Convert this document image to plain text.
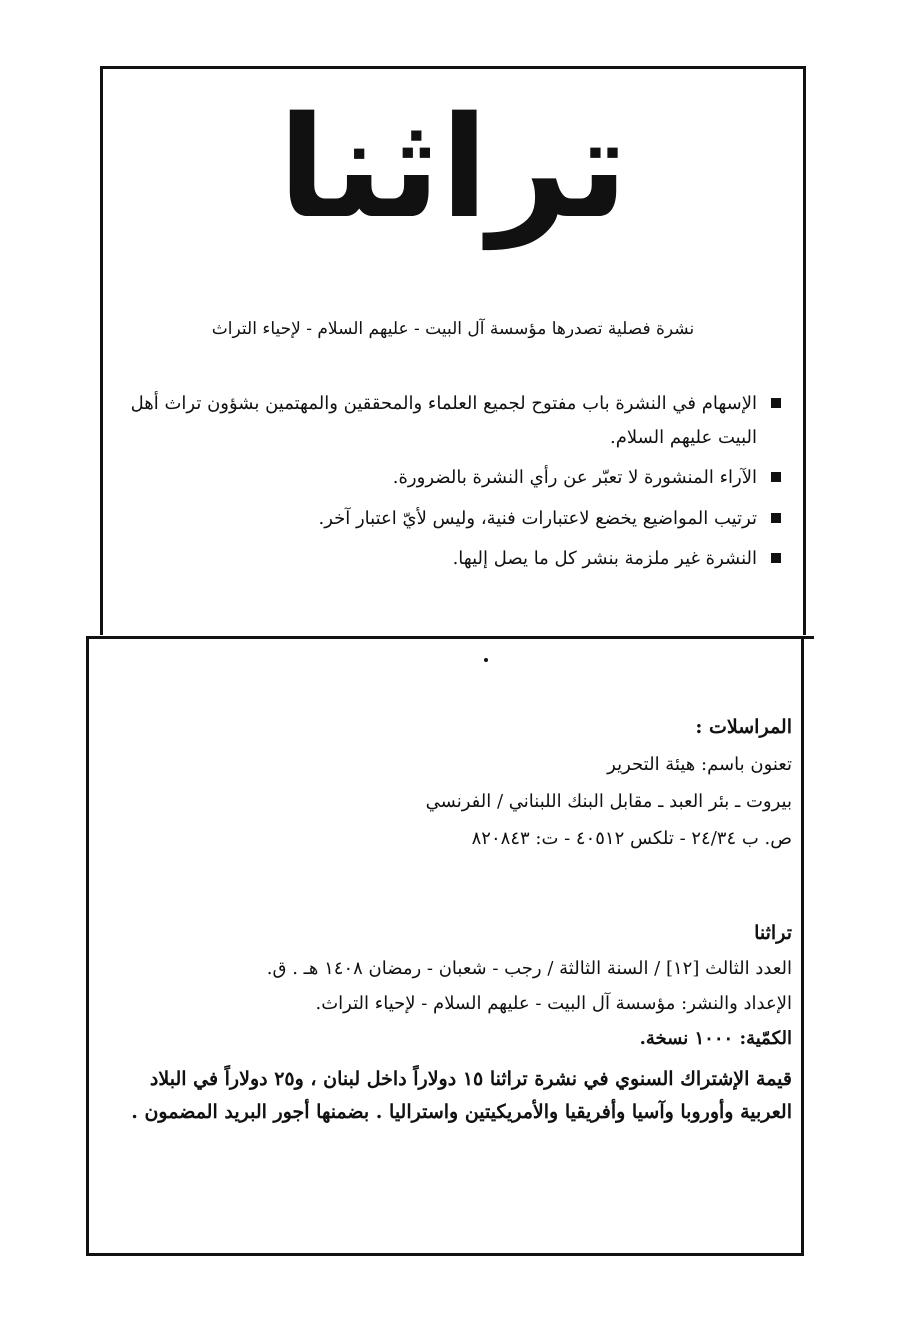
تراثنا
نشرة فصلية تصدرها مؤسسة آل البيت - عليهم السلام - لإحياء التراث
الإسهام في النشرة باب مفتوح لجميع العلماء والمحققين والمهتمين بشؤون تراث أهل البيت عليهم السلام.
الآراء المنشورة لا تعبّر عن رأي النشرة بالضرورة.
ترتيب المواضيع يخضع لاعتبارات فنية، وليس لأيّ اعتبار آخر.
النشرة غير ملزمة بنشر كل ما يصل إليها.

المراسلات :

تعنون باسم: هيئة التحرير

بيروت ـ بئر العبد ـ مقابل البنك اللبناني / الفرنسي

ص. ب ٢٤/٣٤ - تلكس ٤٠٥١٢ - ت: ٨٢٠٨٤٣

تراثنا

العدد الثالث [١٢] / السنة الثالثة / رجب - شعبان - رمضان ١٤٠٨ هـ . ق.

الإعداد والنشر: مؤسسة آل البيت - عليهم السلام - لإحياء التراث.

الكمّية: ١٠٠٠ نسخة.

قيمة الإشتراك السنوي في نشرة تراثنا ١٥ دولاراً داخل لبنان ، و٢٥ دولاراً في البلاد العربية وأوروبا وآسيا وأفريقيا والأمريكيتين واستراليا . بضمنها أجور البريد المضمون .
